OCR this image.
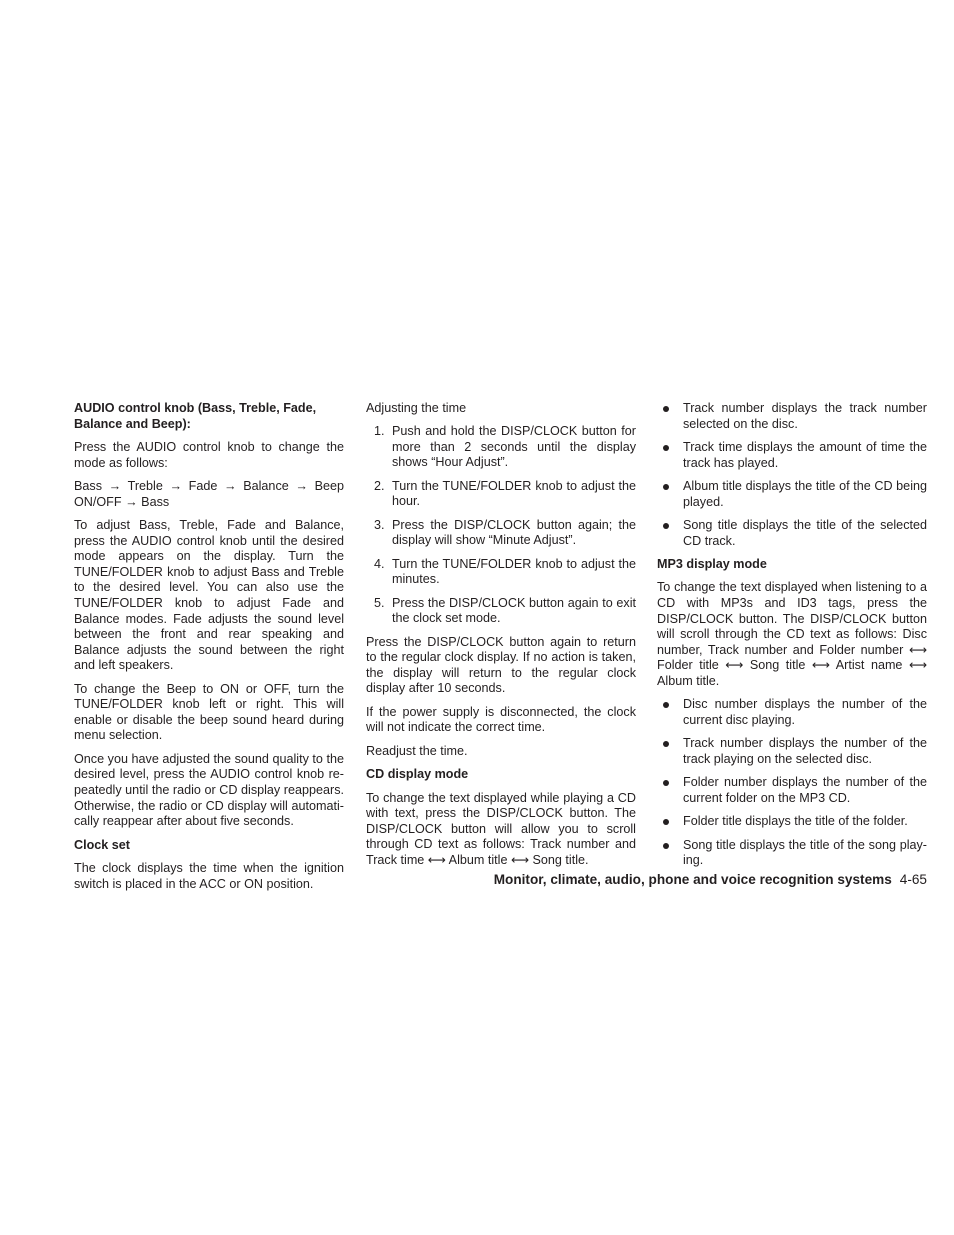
AUDIO control knob (Bass, Treble, Fade, Balance and Beep):

Press the AUDIO control knob to change the mode as follows:

Bass → Treble → Fade → Balance → Beep ON/OFF → Bass

To adjust Bass, Treble, Fade and Balance, press the AUDIO control knob until the desired mode appears on the display. Turn the TUNE/FOLDER knob to adjust Bass and Treble to the desired level. You can also use the TUNE/FOLDER knob to adjust Fade and Balance modes. Fade adjusts the sound level between the front and rear speaking and Balance adjusts the sound between the right and left speakers.

To change the Beep to ON or OFF, turn the TUNE/FOLDER knob left or right. This will enable or disable the beep sound heard during menu selection.

Once you have adjusted the sound quality to the desired level, press the AUDIO control knob repeatedly until the radio or CD display reappears. Otherwise, the radio or CD display will automatically reappear after about five seconds.

Clock set

The clock displays the time when the ignition switch is placed in the ACC or ON position.

Adjusting the time

1. Push and hold the DISP/CLOCK button for more than 2 seconds until the display shows “Hour Adjust”.
2. Turn the TUNE/FOLDER knob to adjust the hour.
3. Press the DISP/CLOCK button again; the display will show “Minute Adjust”.
4. Turn the TUNE/FOLDER knob to adjust the minutes.
5. Press the DISP/CLOCK button again to exit the clock set mode.

Press the DISP/CLOCK button again to return to the regular clock display. If no action is taken, the display will return to the regular clock display after 10 seconds.

If the power supply is disconnected, the clock will not indicate the correct time.

Readjust the time.

CD display mode

To change the text displayed while playing a CD with text, press the DISP/CLOCK button. The DISP/CLOCK button will allow you to scroll through CD text as follows: Track number and Track time ⟷ Album title ⟷ Song title.

Track number displays the track number selected on the disc.
Track time displays the amount of time the track has played.
Album title displays the title of the CD being played.
Song title displays the title of the selected CD track.

MP3 display mode

To change the text displayed when listening to a CD with MP3s and ID3 tags, press the DISP/CLOCK button. The DISP/CLOCK button will scroll through the CD text as follows: Disc number, Track number and Folder number ⟷ Folder title ⟷ Song title ⟷ Artist name ⟷ Album title.

Disc number displays the number of the current disc playing.
Track number displays the number of the track playing on the selected disc.
Folder number displays the number of the current folder on the MP3 CD.
Folder title displays the title of the folder.
Song title displays the title of the song playing.
Monitor, climate, audio, phone and voice recognition systems 4-65
